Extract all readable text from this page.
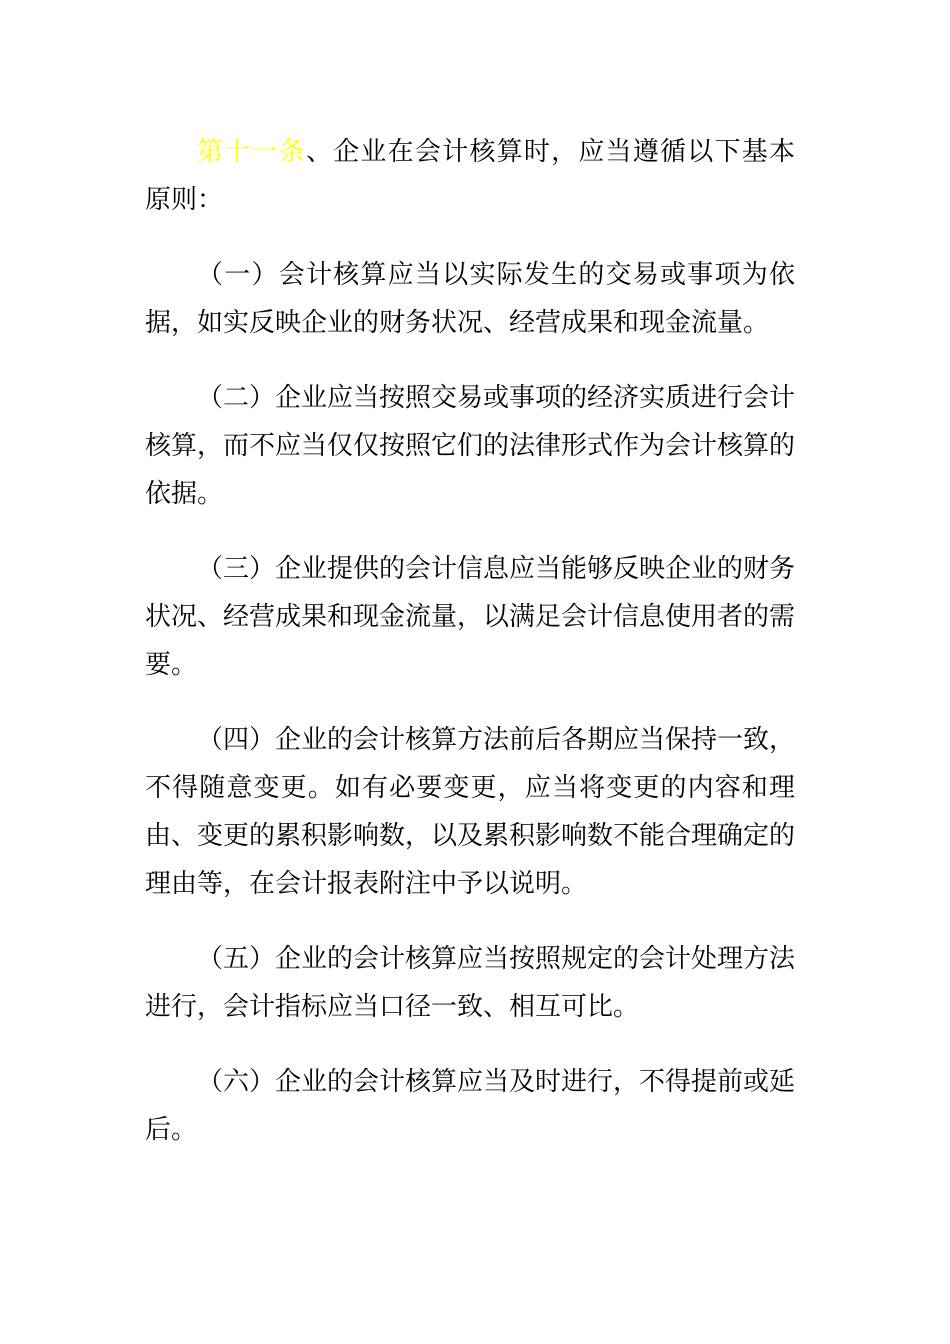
第十一条、企业在会计核算时，应当遵循以下基本原则：

（一）会计核算应当以实际发生的交易或事项为依据，如实反映企业的财务状况、经营成果和现金流量。

（二）企业应当按照交易或事项的经济实质进行会计核算，而不应当仅仅按照它们的法律形式作为会计核算的依据。

（三）企业提供的会计信息应当能够反映企业的财务状况、经营成果和现金流量，以满足会计信息使用者的需要。

（四）企业的会计核算方法前后各期应当保持一致，不得随意变更。如有必要变更，应当将变更的内容和理由、变更的累积影响数，以及累积影响数不能合理确定的理由等，在会计报表附注中予以说明。

（五）企业的会计核算应当按照规定的会计处理方法进行，会计指标应当口径一致、相互可比。

（六）企业的会计核算应当及时进行，不得提前或延后。
